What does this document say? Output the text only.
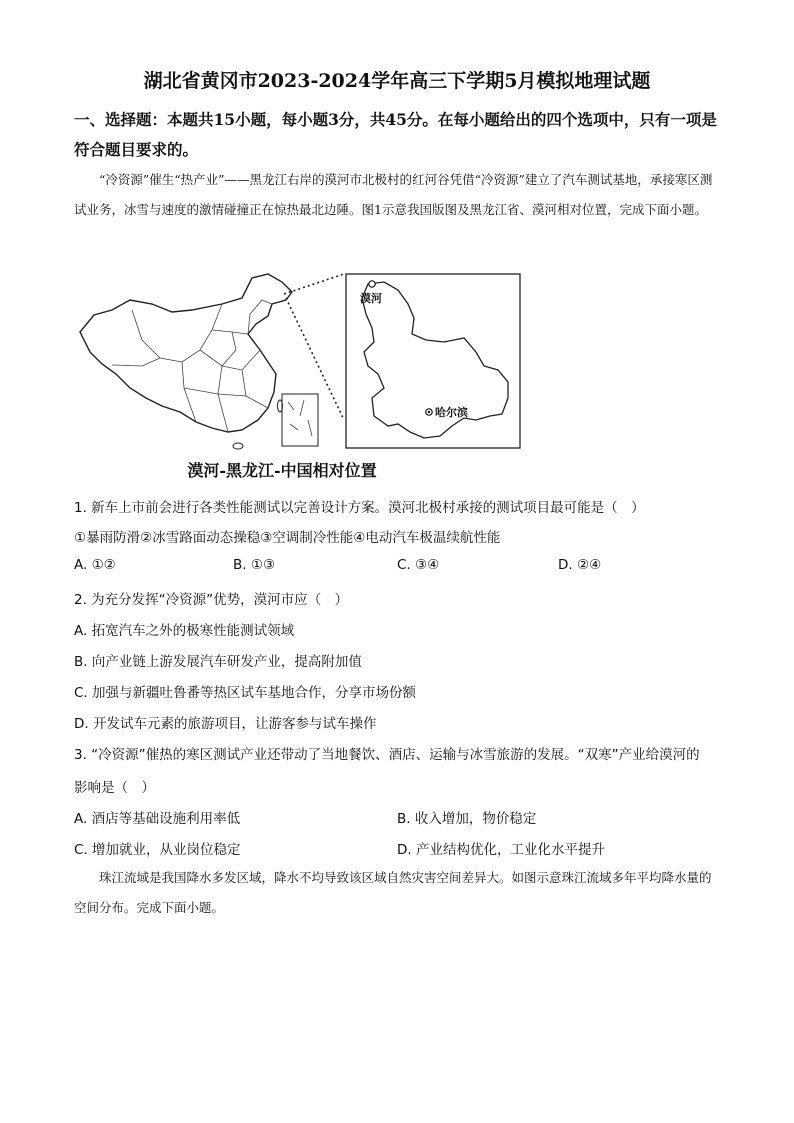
湖北省黄冈市2023-2024学年高三下学期5月模拟地理试题
一、选择题：本题共15小题，每小题3分，共45分。在每小题给出的四个选项中，只有一项是符合题目要求的。
“冷资源”催生“热产业”——黑龙江右岸的漠河市北极村的红河谷凭借“冷资源”建立了汽车测试基地，承接寒区测试业务，冰雪与速度的激情碰撞正在惊热最北边陲。图1示意我国版图及黑龙江省、漠河相对位置，完成下面小题。
漠河
哈尔滨
漠河-黑龙江-中国相对位置
1. 新车上市前会进行各类性能测试以完善设计方案。漠河北极村承接的测试项目最可能是（　）
①暴雨防滑②冰雪路面动态操稳③空调制冷性能④电动汽车极温续航性能
A. ①②	B. ①③	C. ③④	D. ②④
2. 为充分发挥“冷资源”优势，漠河市应（　）
A. 拓宽汽车之外的极寒性能测试领域
B. 向产业链上游发展汽车研发产业，提高附加值
C. 加强与新疆吐鲁番等热区试车基地合作，分享市场份额
D. 开发试车元素的旅游项目，让游客参与试车操作
3. “冷资源”催热的寒区测试产业还带动了当地餐饮、酒店、运输与冰雪旅游的发展。“双寒”产业给漠河的
影响是（　）
A. 酒店等基础设施利用率低	B. 收入增加，物价稳定
C. 增加就业，从业岗位稳定	D. 产业结构优化，工业化水平提升
珠江流域是我国降水多发区域，降水不均导致该区域自然灾害空间差异大。如图示意珠江流域多年平均降水量的空间分布。完成下面小题。
